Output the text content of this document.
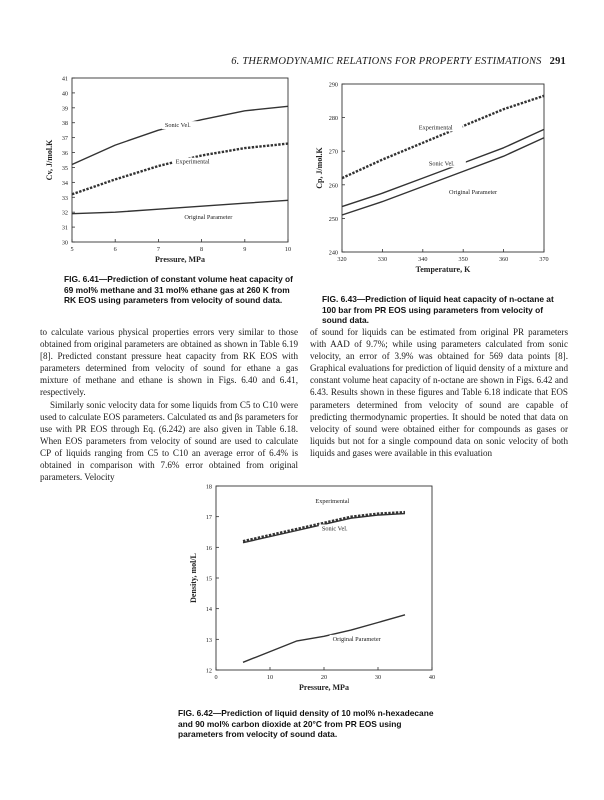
6. THERMODYNAMIC RELATIONS FOR PROPERTY ESTIMATIONS 291
30
31
32
33
34
35
36
37
38
39
40
41
5	6	7	8	9	10
Pressure, MPa
Cv, J/mol.K
Sonic Vel.
Experimental
Original Parameter
FIG. 6.41—Prediction of constant volume heat capacity of 69 mol% methane and 31 mol% ethane gas at 260 K from RK EOS using parameters from velocity of sound data.
240
250
260
270
280
290
320	330	340	350	360	370
Temperature, K
Cp, J/mol.K
Experimental
Sonic Vel.
Original Parameter
FIG. 6.43—Prediction of liquid heat capacity of n-octane at 100 bar from PR EOS using parameters from velocity of sound data.

to calculate various physical properties errors very similar to those obtained from original parameters are obtained as shown in Table 6.19 [8]. Predicted constant pressure heat capacity from RK EOS with parameters determined from velocity of sound for ethane a gas mixture of methane and ethane is shown in Figs. 6.40 and 6.41, respectively.

Similarly sonic velocity data for some liquids from C5 to C10 were used to calculate EOS parameters. Calculated αs and βs parameters for use with PR EOS through Eq. (6.242) are also given in Table 6.18. When EOS parameters from velocity of sound are used to calculate CP of liquids ranging from C5 to C10 an average error of 6.4% is obtained in comparison with 7.6% error obtained from original parameters. Velocity

of sound for liquids can be estimated from original PR parameters with AAD of 9.7%; while using parameters calculated from sonic velocity, an error of 3.9% was obtained for 569 data points [8]. Graphical evaluations for prediction of liquid density of a mixture and constant volume heat capacity of n-octane are shown in Figs. 6.42 and 6.43. Results shown in these figures and Table 6.18 indicate that EOS parameters determined from velocity of sound are capable of predicting thermodynamic properties. It should be noted that data on velocity of sound were obtained either for compounds as gases or liquids but not for a single compound data on sonic velocity of both liquids and gases were available in this evaluation

12
13
14
15
16
17
18
0	10	20	30	40
Pressure, MPa
Density, mol/L
Experimental
Sonic Vel.
Original Parameter
FIG. 6.42—Prediction of liquid density of 10 mol% n-hexadecane and 90 mol% carbon dioxide at 20°C from PR EOS using parameters from velocity of sound data.
